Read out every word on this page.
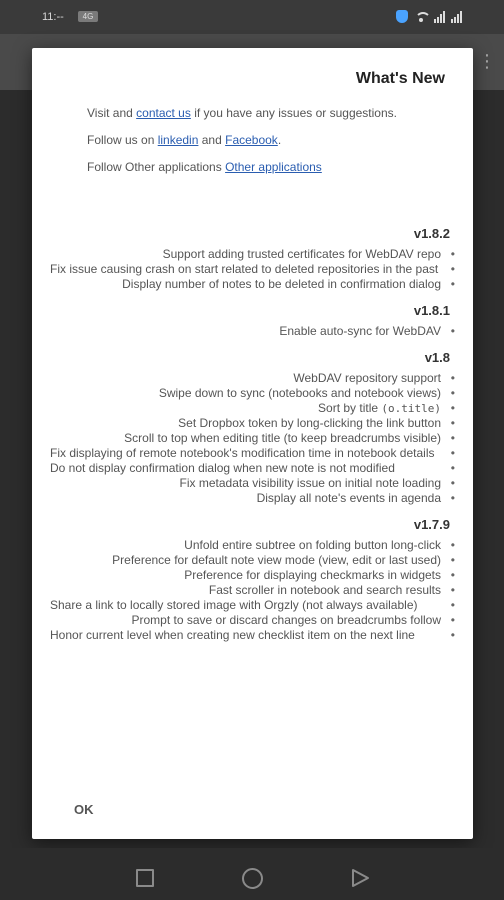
11:--	4G
⋮
What's New

Visit and contact us if you have any issues or suggestions.

Follow us on linkedin and Facebook.

Follow Other applications Other applications

v1.8.2
Support adding trusted certificates for WebDAV repo •
Fix issue causing crash on start related to deleted repositories in the past	•
Display number of notes to be deleted in confirmation dialog •
v1.8.1
Enable auto-sync for WebDAV •
v1.8
WebDAV repository support •
Swipe down to sync (notebooks and notebook views) •
Sort by title (o.title) •
Set Dropbox token by long-clicking the link button •
Scroll to top when editing title (to keep breadcrumbs visible) •
Fix displaying of remote notebook's modification time in notebook details	•
Do not display confirmation dialog when new note is not modified	•
Fix metadata visibility issue on initial note loading •
Display all note's events in agenda •
v1.7.9
Unfold entire subtree on folding button long-click •
Preference for default note view mode (view, edit or last used) •
Preference for displaying checkmarks in widgets •
Fast scroller in notebook and search results •
Share a link to locally stored image with Orgzly (not always available)	•
Prompt to save or discard changes on breadcrumbs follow •
Honor current level when creating new checklist item on the next line	•
OK
